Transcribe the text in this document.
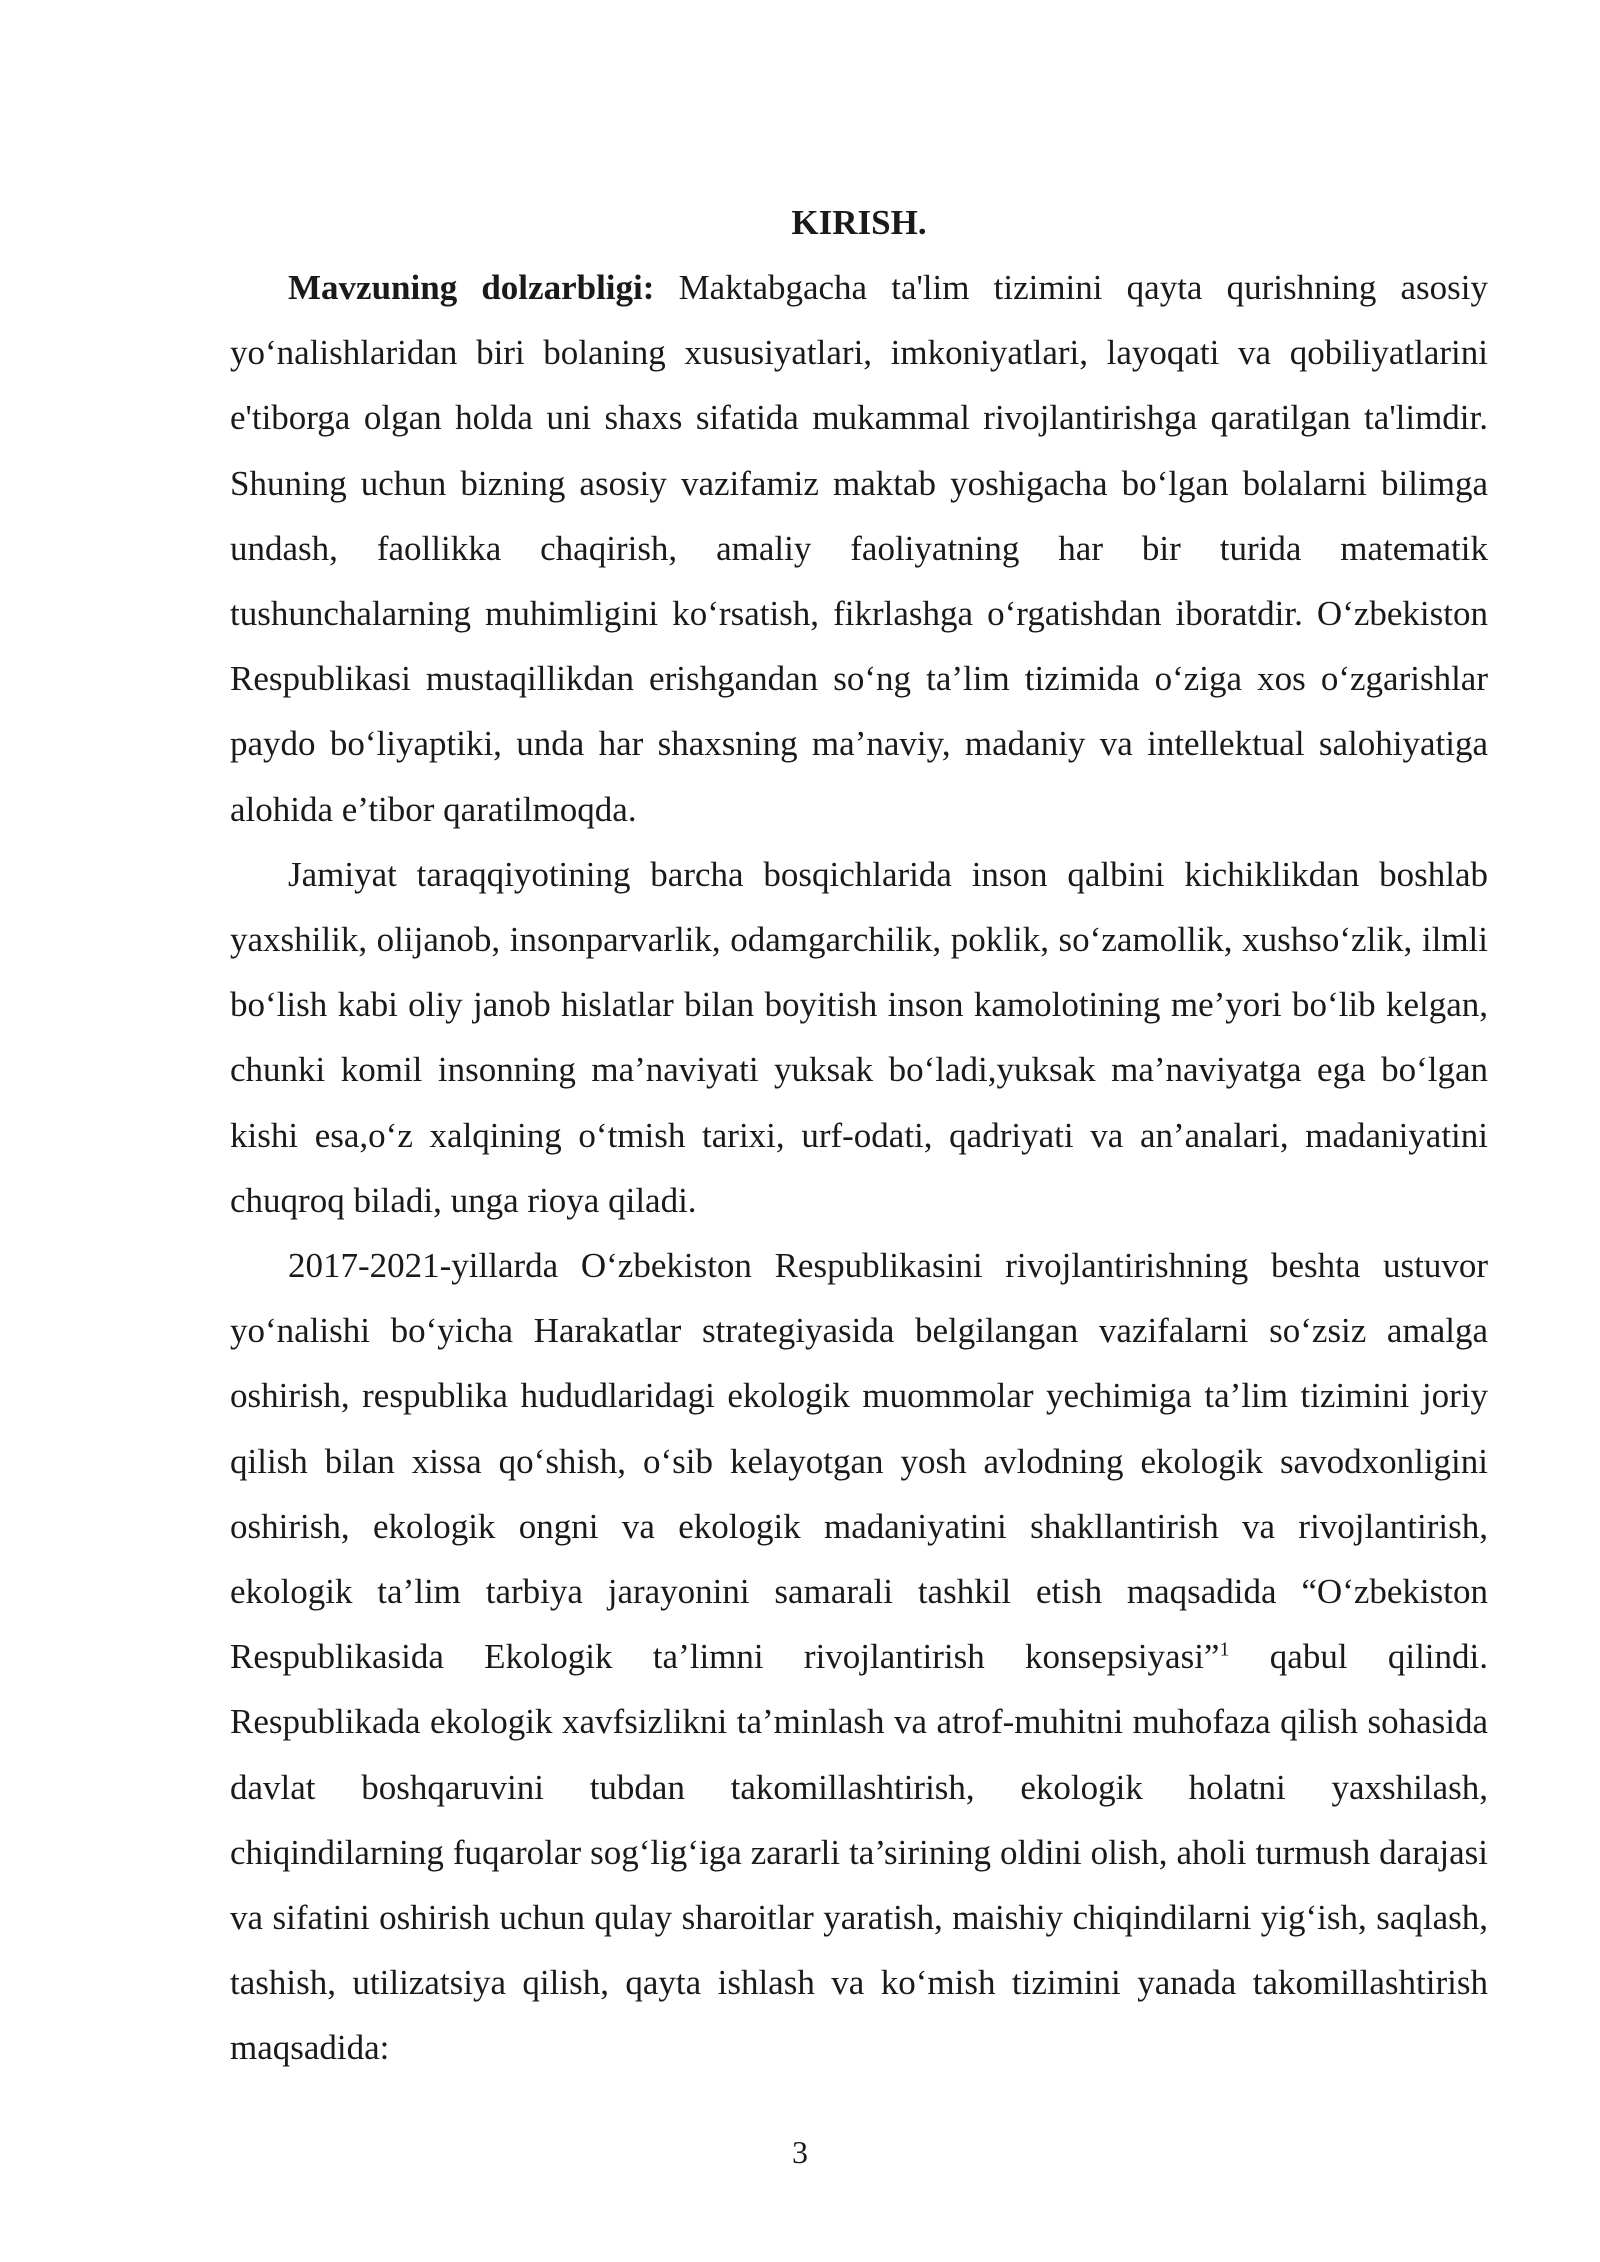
KIRISH.

Mavzuning dolzarbligi: Maktabgacha ta'lim tizimini qayta qurishning asosiy yo‘nalishlaridan biri bolaning xususiyatlari, imkoniyatlari, layoqati va qobiliyatlarini e'tiborga olgan holda uni shaxs sifatida mukammal rivojlantirishga qaratilgan ta'limdir. Shuning uchun bizning asosiy vazifamiz maktab yoshigacha bo‘lgan bolalarni bilimga undash, faollikka chaqirish, amaliy faoliyatning har bir turida matematik tushunchalarning muhimligini ko‘rsatish, fikrlashga o‘rgatishdan iboratdir. O‘zbekiston Respublikasi mustaqillikdan erishgandan so‘ng ta’lim tizimida o‘ziga xos o‘zgarishlar paydo bo‘liyaptiki, unda har shaxsning ma’naviy, madaniy va intellektual salohiyatiga alohida e’tibor qaratilmoqda.

Jamiyat taraqqiyotining barcha bosqichlarida inson qalbini kichiklikdan boshlab yaxshilik, olijanob, insonparvarlik, odamgarchilik, poklik, so‘zamollik, xushso‘zlik, ilmli bo‘lish kabi oliy janob hislatlar bilan boyitish inson kamolotining me’yori bo‘lib kelgan, chunki komil insonning ma’naviyati yuksak bo‘ladi,yuksak ma’naviyatga ega bo‘lgan kishi esa,o‘z xalqining o‘tmish tarixi, urf-odati, qadriyati va an’analari, madaniyatini chuqroq biladi, unga rioya qiladi.

2017-2021-yillarda O‘zbekiston Respublikasini rivojlantirishning beshta ustuvor yo‘nalishi bo‘yicha Harakatlar strategiyasida belgilangan vazifalarni so‘zsiz amalga oshirish, respublika hududlaridagi ekologik muommolar yechimiga ta’lim tizimini joriy qilish bilan xissa qo‘shish, o‘sib kelayotgan yosh avlodning ekologik savodxonligini oshirish, ekologik ongni va ekologik madaniyatini shakllantirish va rivojlantirish, ekologik ta’lim tarbiya jarayonini samarali tashkil etish maqsadida “O‘zbekiston Respublikasida Ekologik ta’limni rivojlantirish konsepsiyasi”$^1$ qabul qilindi. Respublikada ekologik xavfsizlikni ta’minlash va atrof-muhitni muhofaza qilish sohasida davlat boshqaruvini tubdan takomillashtirish, ekologik holatni yaxshilash, chiqindilarning fuqarolar sog‘lig‘iga zararli ta’sirining oldini olish, aholi turmush darajasi va sifatini oshirish uchun qulay sharoitlar yaratish, maishiy chiqindilarni yig‘ish, saqlash, tashish, utilizatsiya qilish, qayta ishlash va ko‘mish tizimini yanada takomillashtirish maqsadida:

3
